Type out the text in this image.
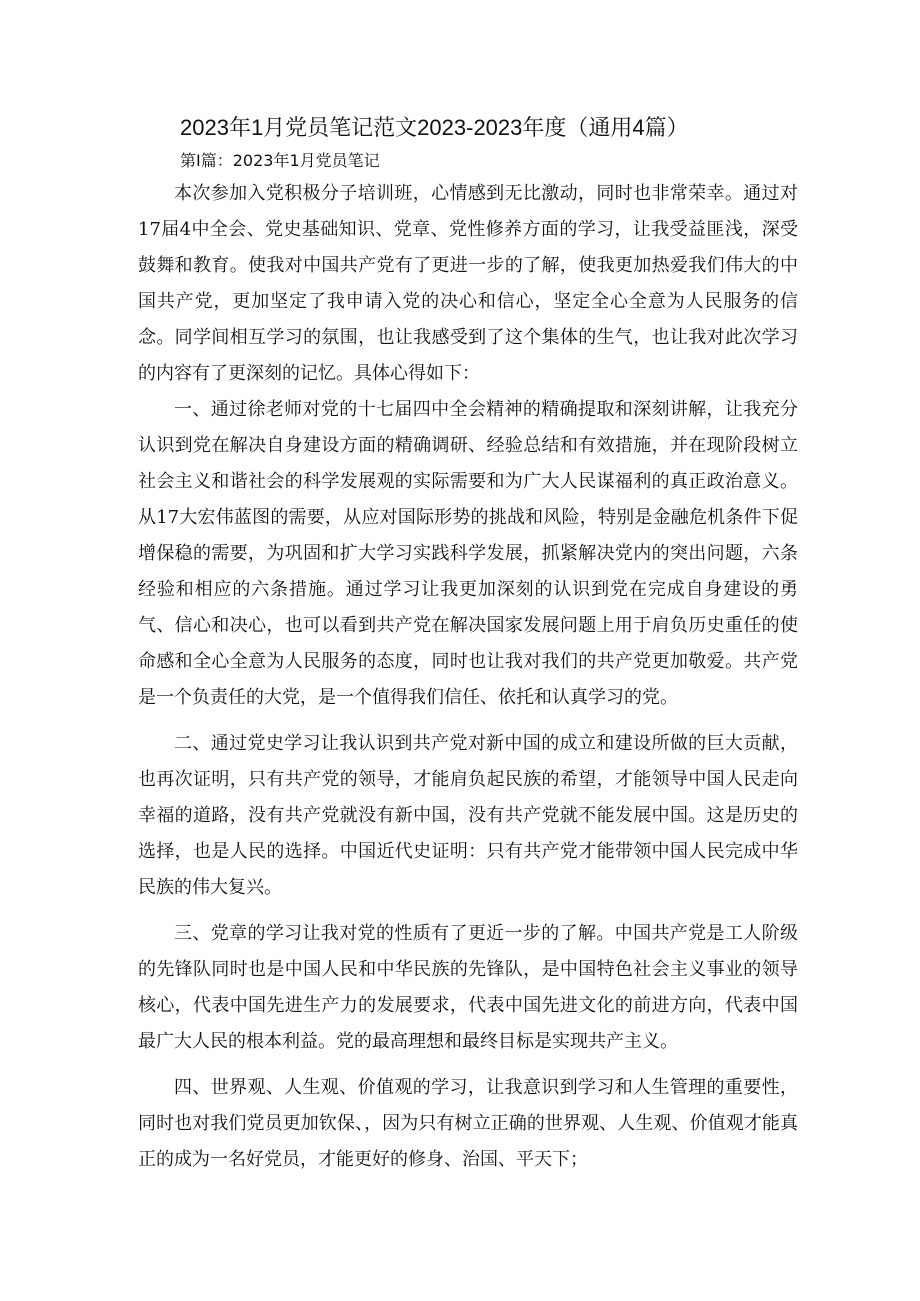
2023年1月党员笔记范文2023-2023年度（通用4篇）
第Ⅰ篇：2023年1月党员笔记

本次参加入党积极分子培训班，心情感到无比激动，同时也非常荣幸。通过对17届4中全会、党史基础知识、党章、党性修养方面的学习，让我受益匪浅，深受鼓舞和教育。使我对中国共产党有了更进一步的了解，使我更加热爱我们伟大的中国共产党，更加坚定了我申请入党的决心和信心，坚定全心全意为人民服务的信念。同学间相互学习的氛围，也让我感受到了这个集体的生气，也让我对此次学习的内容有了更深刻的记忆。具体心得如下：

一、通过徐老师对党的十七届四中全会精神的精确提取和深刻讲解，让我充分认识到党在解决自身建设方面的精确调研、经验总结和有效措施，并在现阶段树立社会主义和谐社会的科学发展观的实际需要和为广大人民谋福利的真正政治意义。从17大宏伟蓝图的需要，从应对国际形势的挑战和风险，特别是金融危机条件下促增保稳的需要，为巩固和扩大学习实践科学发展，抓紧解决党内的突出问题，六条经验和相应的六条措施。通过学习让我更加深刻的认识到党在完成自身建设的勇气、信心和决心，也可以看到共产党在解决国家发展问题上用于肩负历史重任的使命感和全心全意为人民服务的态度，同时也让我对我们的共产党更加敬爱。共产党是一个负责任的大党，是一个值得我们信任、依托和认真学习的党。

二、通过党史学习让我认识到共产党对新中国的成立和建设所做的巨大贡献，也再次证明，只有共产党的领导，才能肩负起民族的希望，才能领导中国人民走向幸福的道路，没有共产党就没有新中国，没有共产党就不能发展中国。这是历史的选择，也是人民的选择。中国近代史证明：只有共产党才能带领中国人民完成中华民族的伟大复兴。

三、党章的学习让我对党的性质有了更近一步的了解。中国共产党是工人阶级的先锋队同时也是中国人民和中华民族的先锋队，是中国特色社会主义事业的领导核心，代表中国先进生产力的发展要求，代表中国先进文化的前进方向，代表中国最广大人民的根本利益。党的最高理想和最终目标是实现共产主义。

四、世界观、人生观、价值观的学习，让我意识到学习和人生管理的重要性，同时也对我们党员更加钦保、，因为只有树立正确的世界观、人生观、价值观才能真正的成为一名好党员，才能更好的修身、治国、平天下；
